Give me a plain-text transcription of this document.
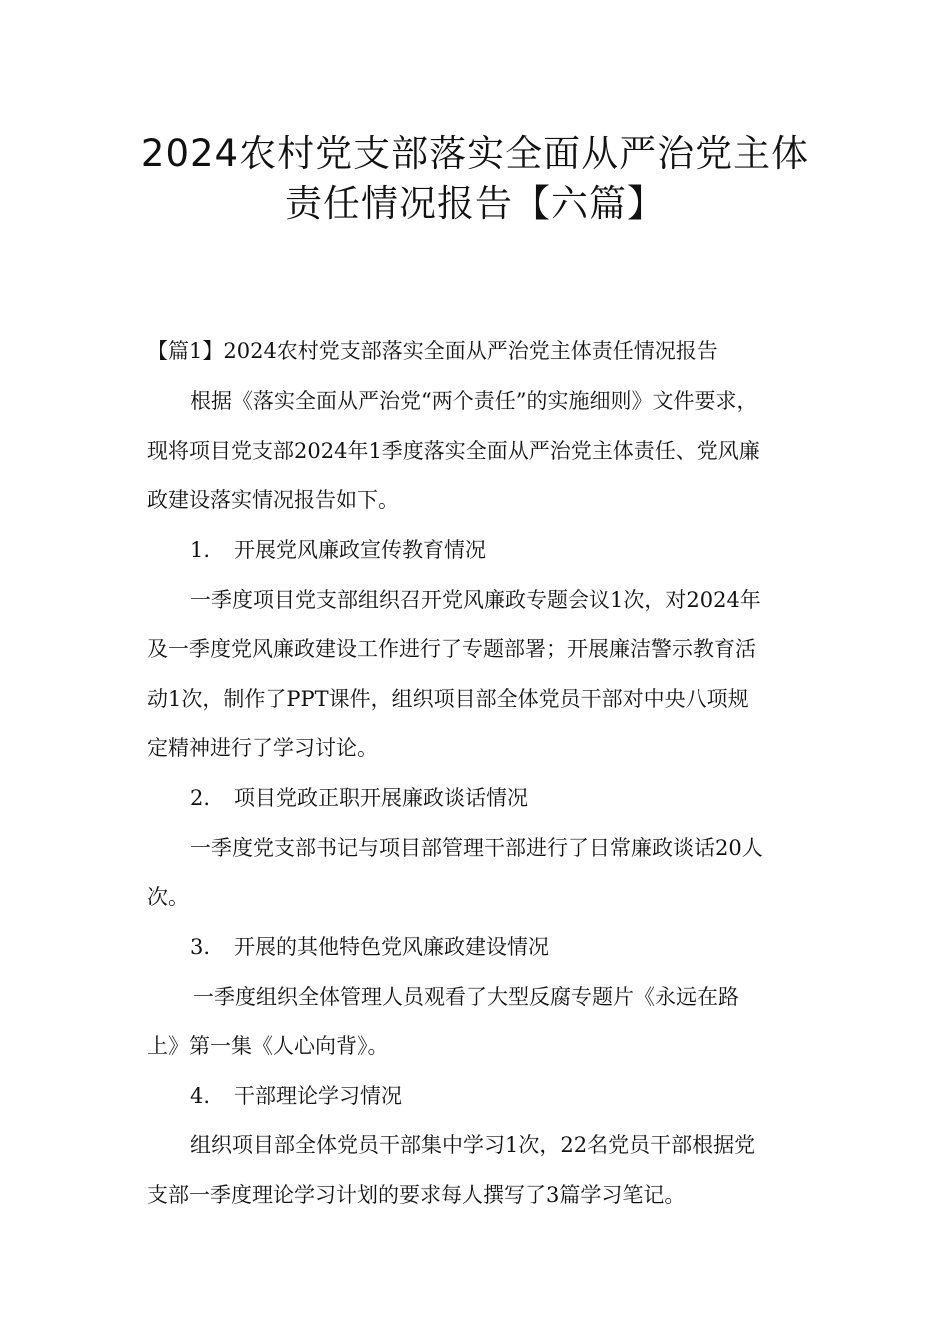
2024农村党支部落实全面从严治党主体
责任情况报告【六篇】
【篇1】2024农村党支部落实全面从严治党主体责任情况报告
根据《落实全面从严治党“两个责任”的实施细则》文件要求，
现将项目党支部2024年1季度落实全面从严治党主体责任、党风廉
政建设落实情况报告如下。
1. 开展党风廉政宣传教育情况
一季度项目党支部组织召开党风廉政专题会议1次，对2024年
及一季度党风廉政建设工作进行了专题部署；开展廉洁警示教育活
动1次，制作了PPT课件，组织项目部全体党员干部对中央八项规
定精神进行了学习讨论。
2. 项目党政正职开展廉政谈话情况
一季度党支部书记与项目部管理干部进行了日常廉政谈话20人
次。
3. 开展的其他特色党风廉政建设情况
一季度组织全体管理人员观看了大型反腐专题片《永远在路
上》第一集《人心向背》。
4. 干部理论学习情况
组织项目部全体党员干部集中学习1次，22名党员干部根据党
支部一季度理论学习计划的要求每人撰写了3篇学习笔记。
